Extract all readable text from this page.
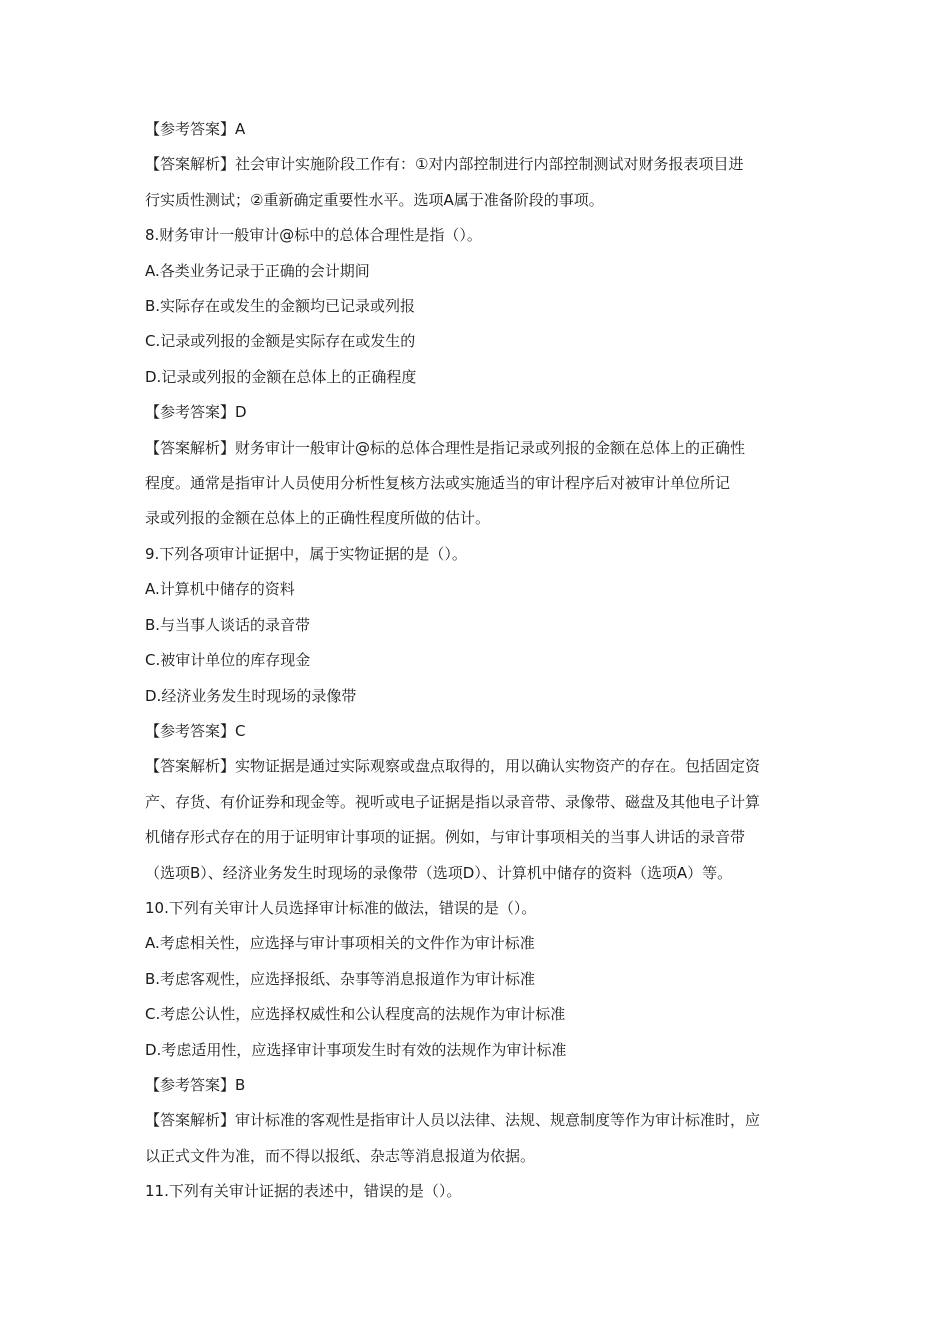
【参考答案】A
【答案解析】社会审计实施阶段工作有：①对内部控制进行内部控制测试对财务报表项目进
行实质性测试；②重新确定重要性水平。选项A属于准备阶段的事项。
8.财务审计一般审计@标中的总体合理性是指（）。
A.各类业务记录于正确的会计期间
B.实际存在或发生的金额均已记录或列报
C.记录或列报的金额是实际存在或发生的
D.记录或列报的金额在总体上的正确程度
【参考答案】D
【答案解析】财务审计一般审计@标的总体合理性是指记录或列报的金额在总体上的正确性
程度。通常是指审计人员使用分析性复核方法或实施适当的审计程序后对被审计单位所记
录或列报的金额在总体上的正确性程度所做的估计。
9.下列各项审计证据中，属于实物证据的是（）。
A.计算机中储存的资料
B.与当事人谈话的录音带
C.被审计单位的库存现金
D.经济业务发生时现场的录像带
【参考答案】C
【答案解析】实物证据是通过实际观察或盘点取得的，用以确认实物资产的存在。包括固定资
产、存货、有价证券和现金等。视听或电子证据是指以录音带、录像带、磁盘及其他电子计算
机储存形式存在的用于证明审计事项的证据。例如，与审计事项相关的当事人讲话的录音带
（选项B）、经济业务发生时现场的录像带（选项D）、计算机中储存的资料（选项A）等。
10.下列有关审计人员选择审计标准的做法，错误的是（）。
A.考虑相关性，应选择与审计事项相关的文件作为审计标准
B.考虑客观性，应选择报纸、杂事等消息报道作为审计标准
C.考虑公认性，应选择权威性和公认程度高的法规作为审计标准
D.考虑适用性，应选择审计事项发生时有效的法规作为审计标准
【参考答案】B
【答案解析】审计标准的客观性是指审计人员以法律、法规、规意制度等作为审计标准时，应
以正式文件为准，而不得以报纸、杂志等消息报道为依据。
11.下列有关审计证据的表述中，错误的是（）。
